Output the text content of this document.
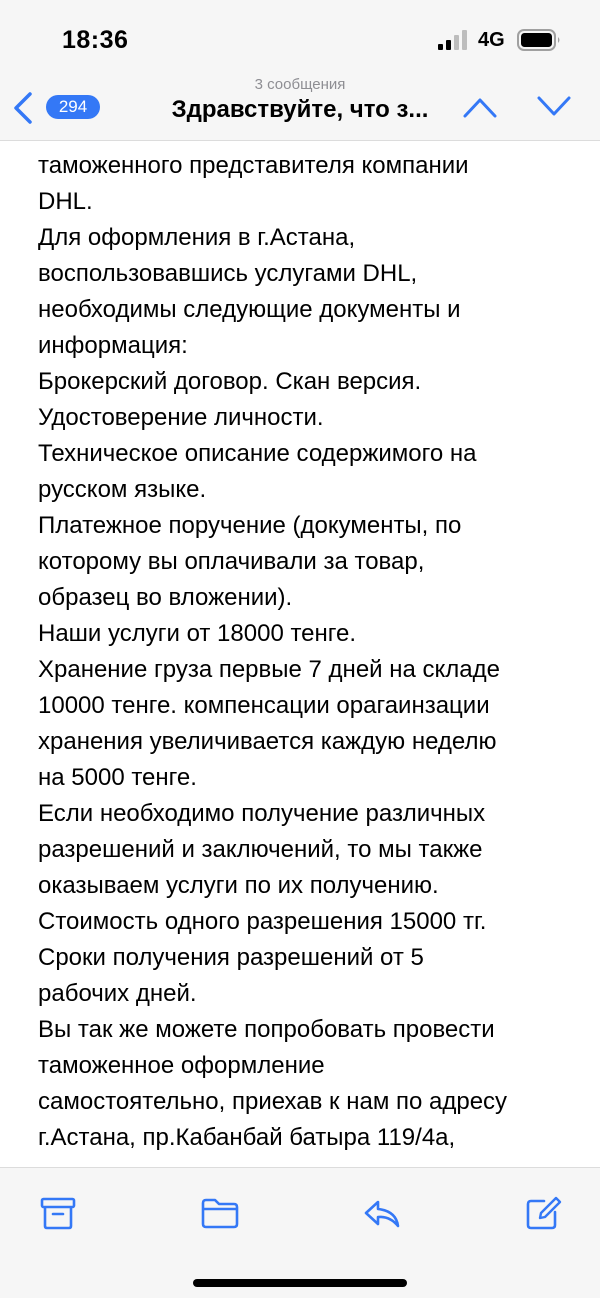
18:36	4G
294
3 сообщения
Здравствуйте, что з...
таможенного представителя компании
DHL.
Для оформления в г.Астана,
воспользовавшись услугами DHL,
необходимы следующие документы и
информация:
Брокерский договор. Скан версия.
Удостоверение личности.
Техническое описание содержимого на
русском языке.
Платежное поручение (документы, по
которому вы оплачивали за товар,
образец во вложении).
Наши услуги от 18000 тенге.
Хранение груза первые 7 дней на складе
10000 тенге. компенсации орагаинзации
хранения увеличивается каждую неделю
на 5000 тенге.
Если необходимо получение различных
разрешений и заключений, то мы также
оказываем услуги по их получению.
Стоимость одного разрешения 15000 тг.
Сроки получения разрешений от 5
рабочих дней.
Вы так же можете попробовать провести
таможенное оформление
самостоятельно, приехав к нам по адресу
г.Астана, пр.Кабанбай батыра 119/4а,
